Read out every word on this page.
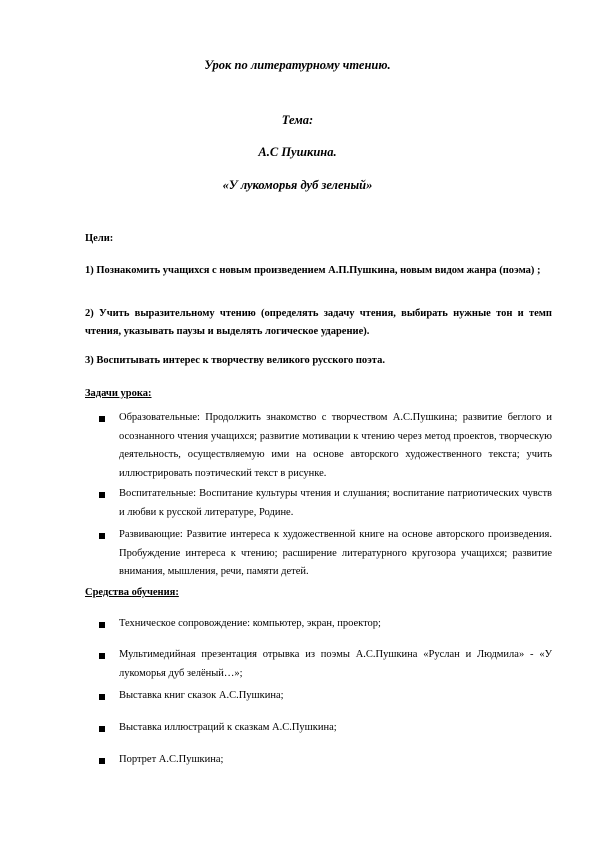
Урок по литературному чтению.
Тема:
А.С Пушкина.
«У лукоморья дуб зеленый»
Цели:
1) Познакомить учащихся с новым произведением А.П.Пушкина, новым видом жанра (поэма) ;
2) Учить выразительному чтению (определять задачу чтения, выбирать нужные тон и темп чтения, указывать паузы и выделять логическое ударение).
3) Воспитывать интерес к творчеству великого русского поэта.
Задачи урока:
Образовательные: Продолжить знакомство с творчеством А.С.Пушкина; развитие беглого и осознанного чтения учащихся; развитие мотивации к чтению через метод проектов, творческую деятельность, осуществляемую ими на основе авторского художественного текста; учить иллюстрировать поэтический текст в рисунке.
Воспитательные: Воспитание культуры чтения и слушания; воспитание патриотических чувств и любви к русской литературе, Родине.
Развивающие: Развитие интереса к художественной книге на основе авторского произведения. Пробуждение интереса к чтению; расширение литературного кругозора учащихся; развитие внимания, мышления, речи, памяти детей.
Средства обучения:
Техническое сопровождение: компьютер, экран, проектор;
Мультимедийная презентация отрывка из поэмы А.С.Пушкина «Руслан и Людмила» - «У лукоморья дуб зелёный…»;
Выставка книг сказок А.С.Пушкина;
Выставка иллюстраций к сказкам А.С.Пушкина;
Портрет А.С.Пушкина;
